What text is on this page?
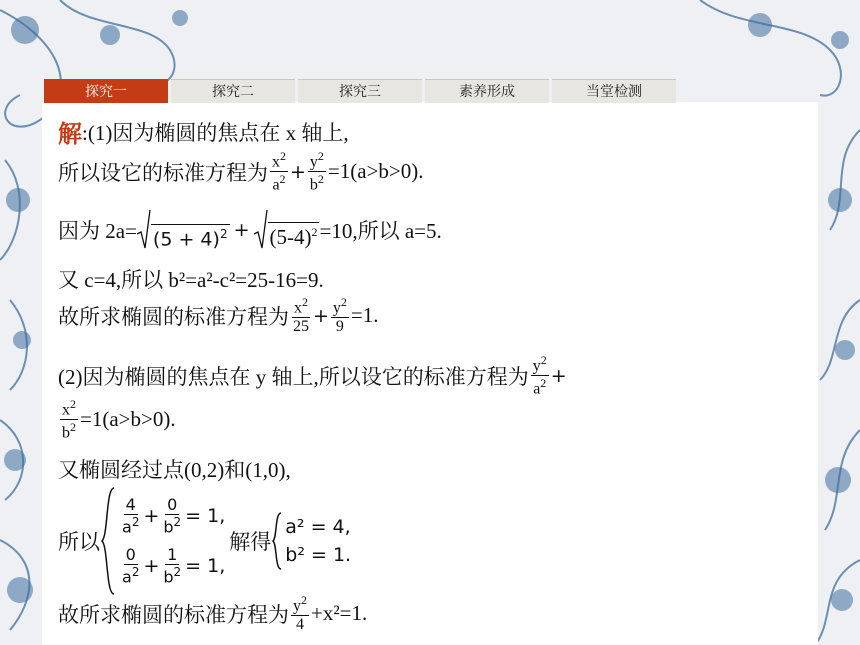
探究一	探究二	探究三	素养形成	当堂检测
解 :(1)因为椭圆的焦点在 x 轴上,
所以设它的标准方程为 $\frac{x^2}{a^2} + \frac{y^2}{b^2} =1(a>b>0)$.
因为 $2a= (5 + 4)^2 + (5-4)^2 =10$,所以 a=5.
又 c=4,所以 b²=a²-c²=25-16=9.
故所求椭圆的标准方程为 $\frac{x^2}{25} + \frac{y^2}{9} =1$.
(2)因为椭圆的焦点在 y 轴上,所以设它的标准方程为 $\frac{y^2}{a^2}$ +
$\frac{x^2}{b^2} =1(a>b>0)$.
又椭圆经过点(0,2)和(1,0),
所以
$\frac{4}{a^2} + \frac{0}{b^2} = 1$,
$\frac{0}{a^2} + \frac{1}{b^2} = 1$,
解得
a² = 4,
b² = 1.
故所求椭圆的标准方程为 $\frac{y^2}{4} +x^2=1$.
